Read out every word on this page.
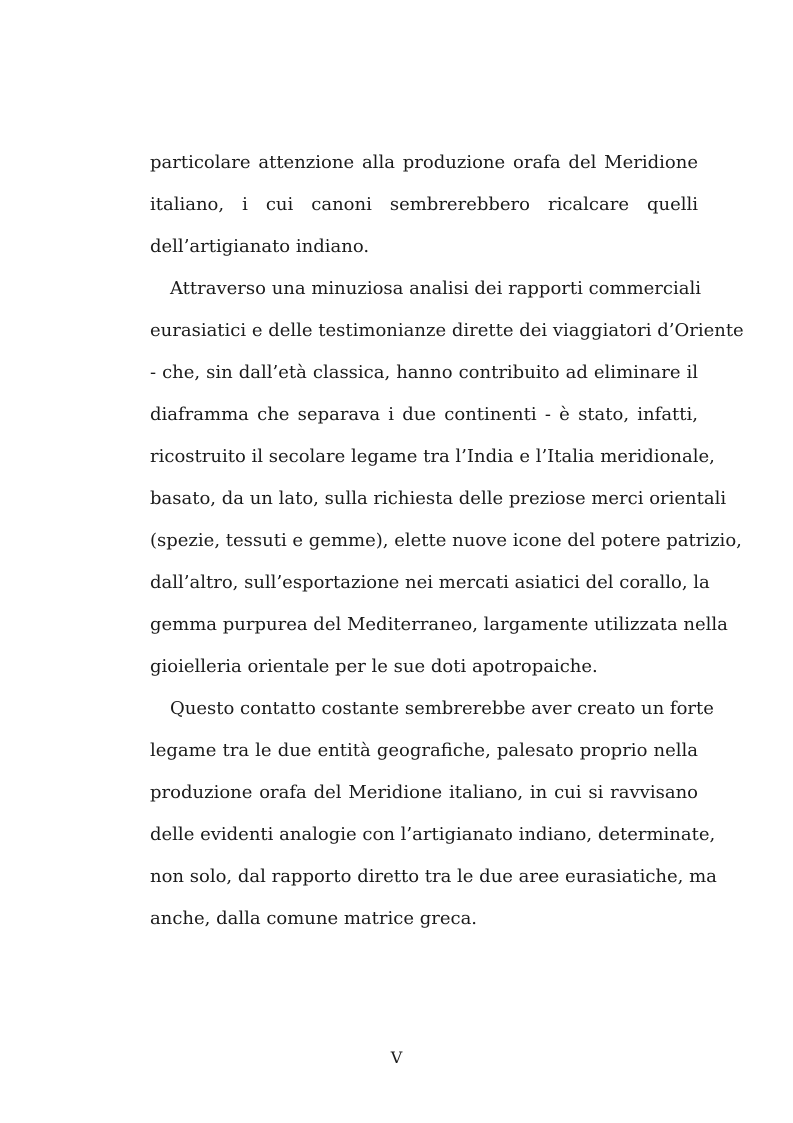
particolare attenzione alla produzione orafa del Meridione
italiano, i cui canoni sembrerebbero ricalcare quelli
dell’artigianato indiano.
Attraverso una minuziosa analisi dei rapporti commerciali
eurasiatici e delle testimonianze dirette dei viaggiatori d’Oriente
- che, sin dall’età classica, hanno contribuito ad eliminare il
diaframma che separava i due continenti - è stato, infatti,
ricostruito il secolare legame tra l’India e l’Italia meridionale,
basato, da un lato, sulla richiesta delle preziose merci orientali
(spezie, tessuti e gemme), elette nuove icone del potere patrizio,
dall’altro, sull’esportazione nei mercati asiatici del corallo, la
gemma purpurea del Mediterraneo, largamente utilizzata nella
gioielleria orientale per le sue doti apotropaiche.
Questo contatto costante sembrerebbe aver creato un forte
legame tra le due entità geografiche, palesato proprio nella
produzione orafa del Meridione italiano, in cui si ravvisano
delle evidenti analogie con l’artigianato indiano, determinate,
non solo, dal rapporto diretto tra le due aree eurasiatiche, ma
anche, dalla comune matrice greca.
V
